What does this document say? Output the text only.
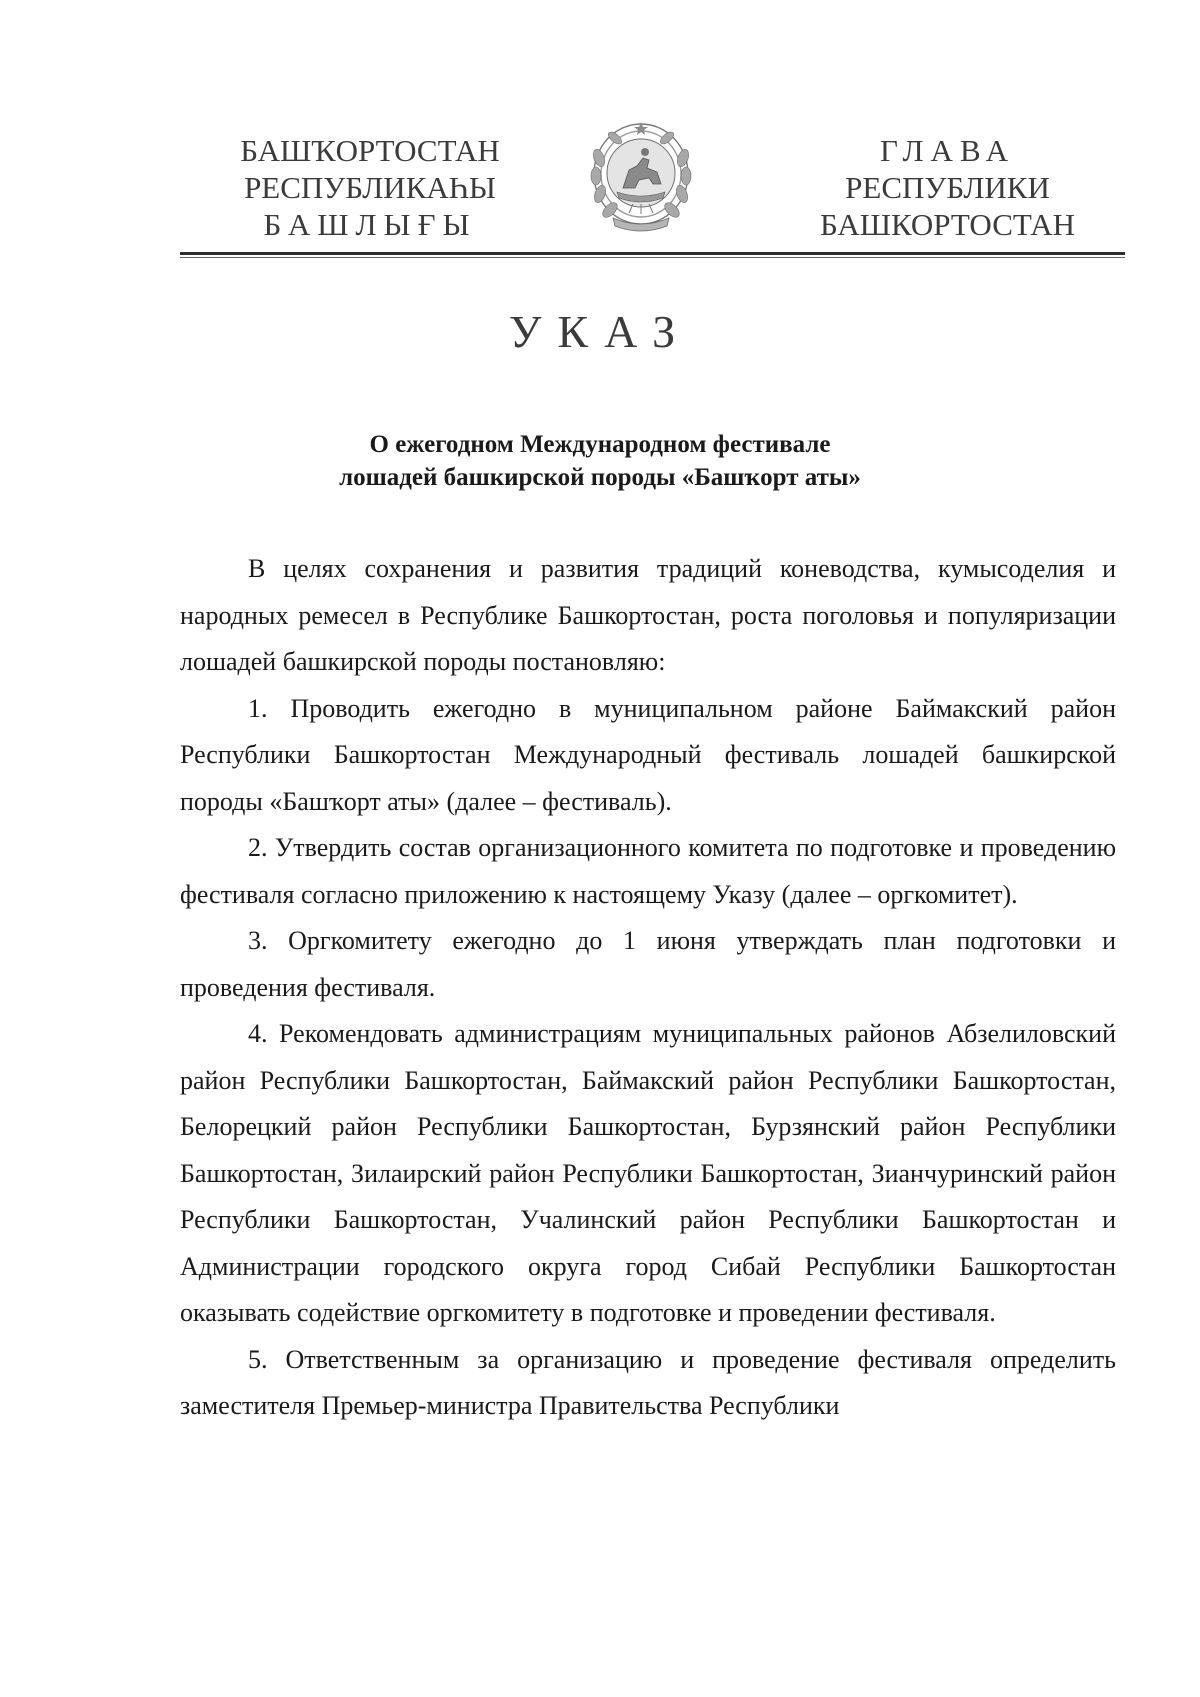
БАШҠОРТОСТАН
РЕСПУБЛИКАҺЫ
БАШЛЫҒЫ
ГЛАВА
РЕСПУБЛИКИ
БАШКОРТОСТАН
УКАЗ
О ежегодном Международном фестивале
лошадей башкирской породы «Башҡорт аты»

В целях сохранения и развития традиций коневодства, кумысоделия и народных ремесел в Республике Башкортостан, роста поголовья и популяризации лошадей башкирской породы постановляю:

1. Проводить ежегодно в муниципальном районе Баймакский район Республики Башкортостан Международный фестиваль лошадей башкирской породы «Башҡорт аты» (далее – фестиваль).

2. Утвердить состав организационного комитета по подготовке и проведению фестиваля согласно приложению к настоящему Указу (далее – оргкомитет).

3. Оргкомитету ежегодно до 1 июня утверждать план подготовки и проведения фестиваля.

4. Рекомендовать администрациям муниципальных районов Абзелиловский район Республики Башкортостан, Баймакский район Республики Башкортостан, Белорецкий район Республики Башкортостан, Бурзянский район Республики Башкортостан, Зилаирский район Республики Башкортостан, Зианчуринский район Республики Башкортостан, Учалинский район Республики Башкортостан и Администрации городского округа город Сибай Республики Башкортостан оказывать содействие оргкомитету в подготовке и проведении фестиваля.

5. Ответственным за организацию и проведение фестиваля определить заместителя Премьер-министра Правительства Республики
